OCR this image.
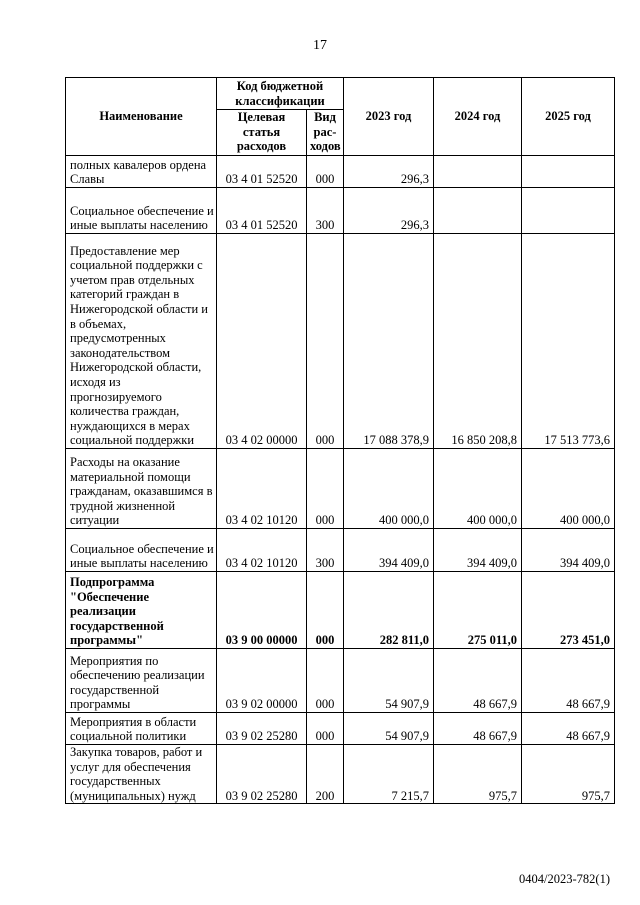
17
Наименование	Код бюджетной классификации		2023 год	2024 год	2025 год
	Целевая статья расходов	Вид рас-ходов			
полных кавалеров ордена Славы	03 4 01 52520	000	296,3		
Социальное обеспечение и иные выплаты населению	03 4 01 52520	300	296,3		
Предоставление мер социальной поддержки с учетом прав отдельных категорий граждан в Нижегородской области и в объемах, предусмотренных законодательством Нижегородской области, исходя из прогнозируемого количества граждан, нуждающихся в мерах социальной поддержки	03 4 02 00000	000	17 088 378,9	16 850 208,8	17 513 773,6
Расходы на оказание материальной помощи гражданам, оказавшимся в трудной жизненной ситуации	03 4 02 10120	000	400 000,0	400 000,0	400 000,0
Социальное обеспечение и иные выплаты населению	03 4 02 10120	300	394 409,0	394 409,0	394 409,0
Подпрограмма "Обеспечение реализации государственной программы"	03 9 00 00000	000	282 811,0	275 011,0	273 451,0
Мероприятия по обеспечению реализации государственной программы	03 9 02 00000	000	54 907,9	48 667,9	48 667,9
Мероприятия в области социальной политики	03 9 02 25280	000	54 907,9	48 667,9	48 667,9
Закупка товаров, работ и услуг для обеспечения государственных (муниципальных) нужд	03 9 02 25280	200	7 215,7	975,7	975,7
0404/2023-782(1)
